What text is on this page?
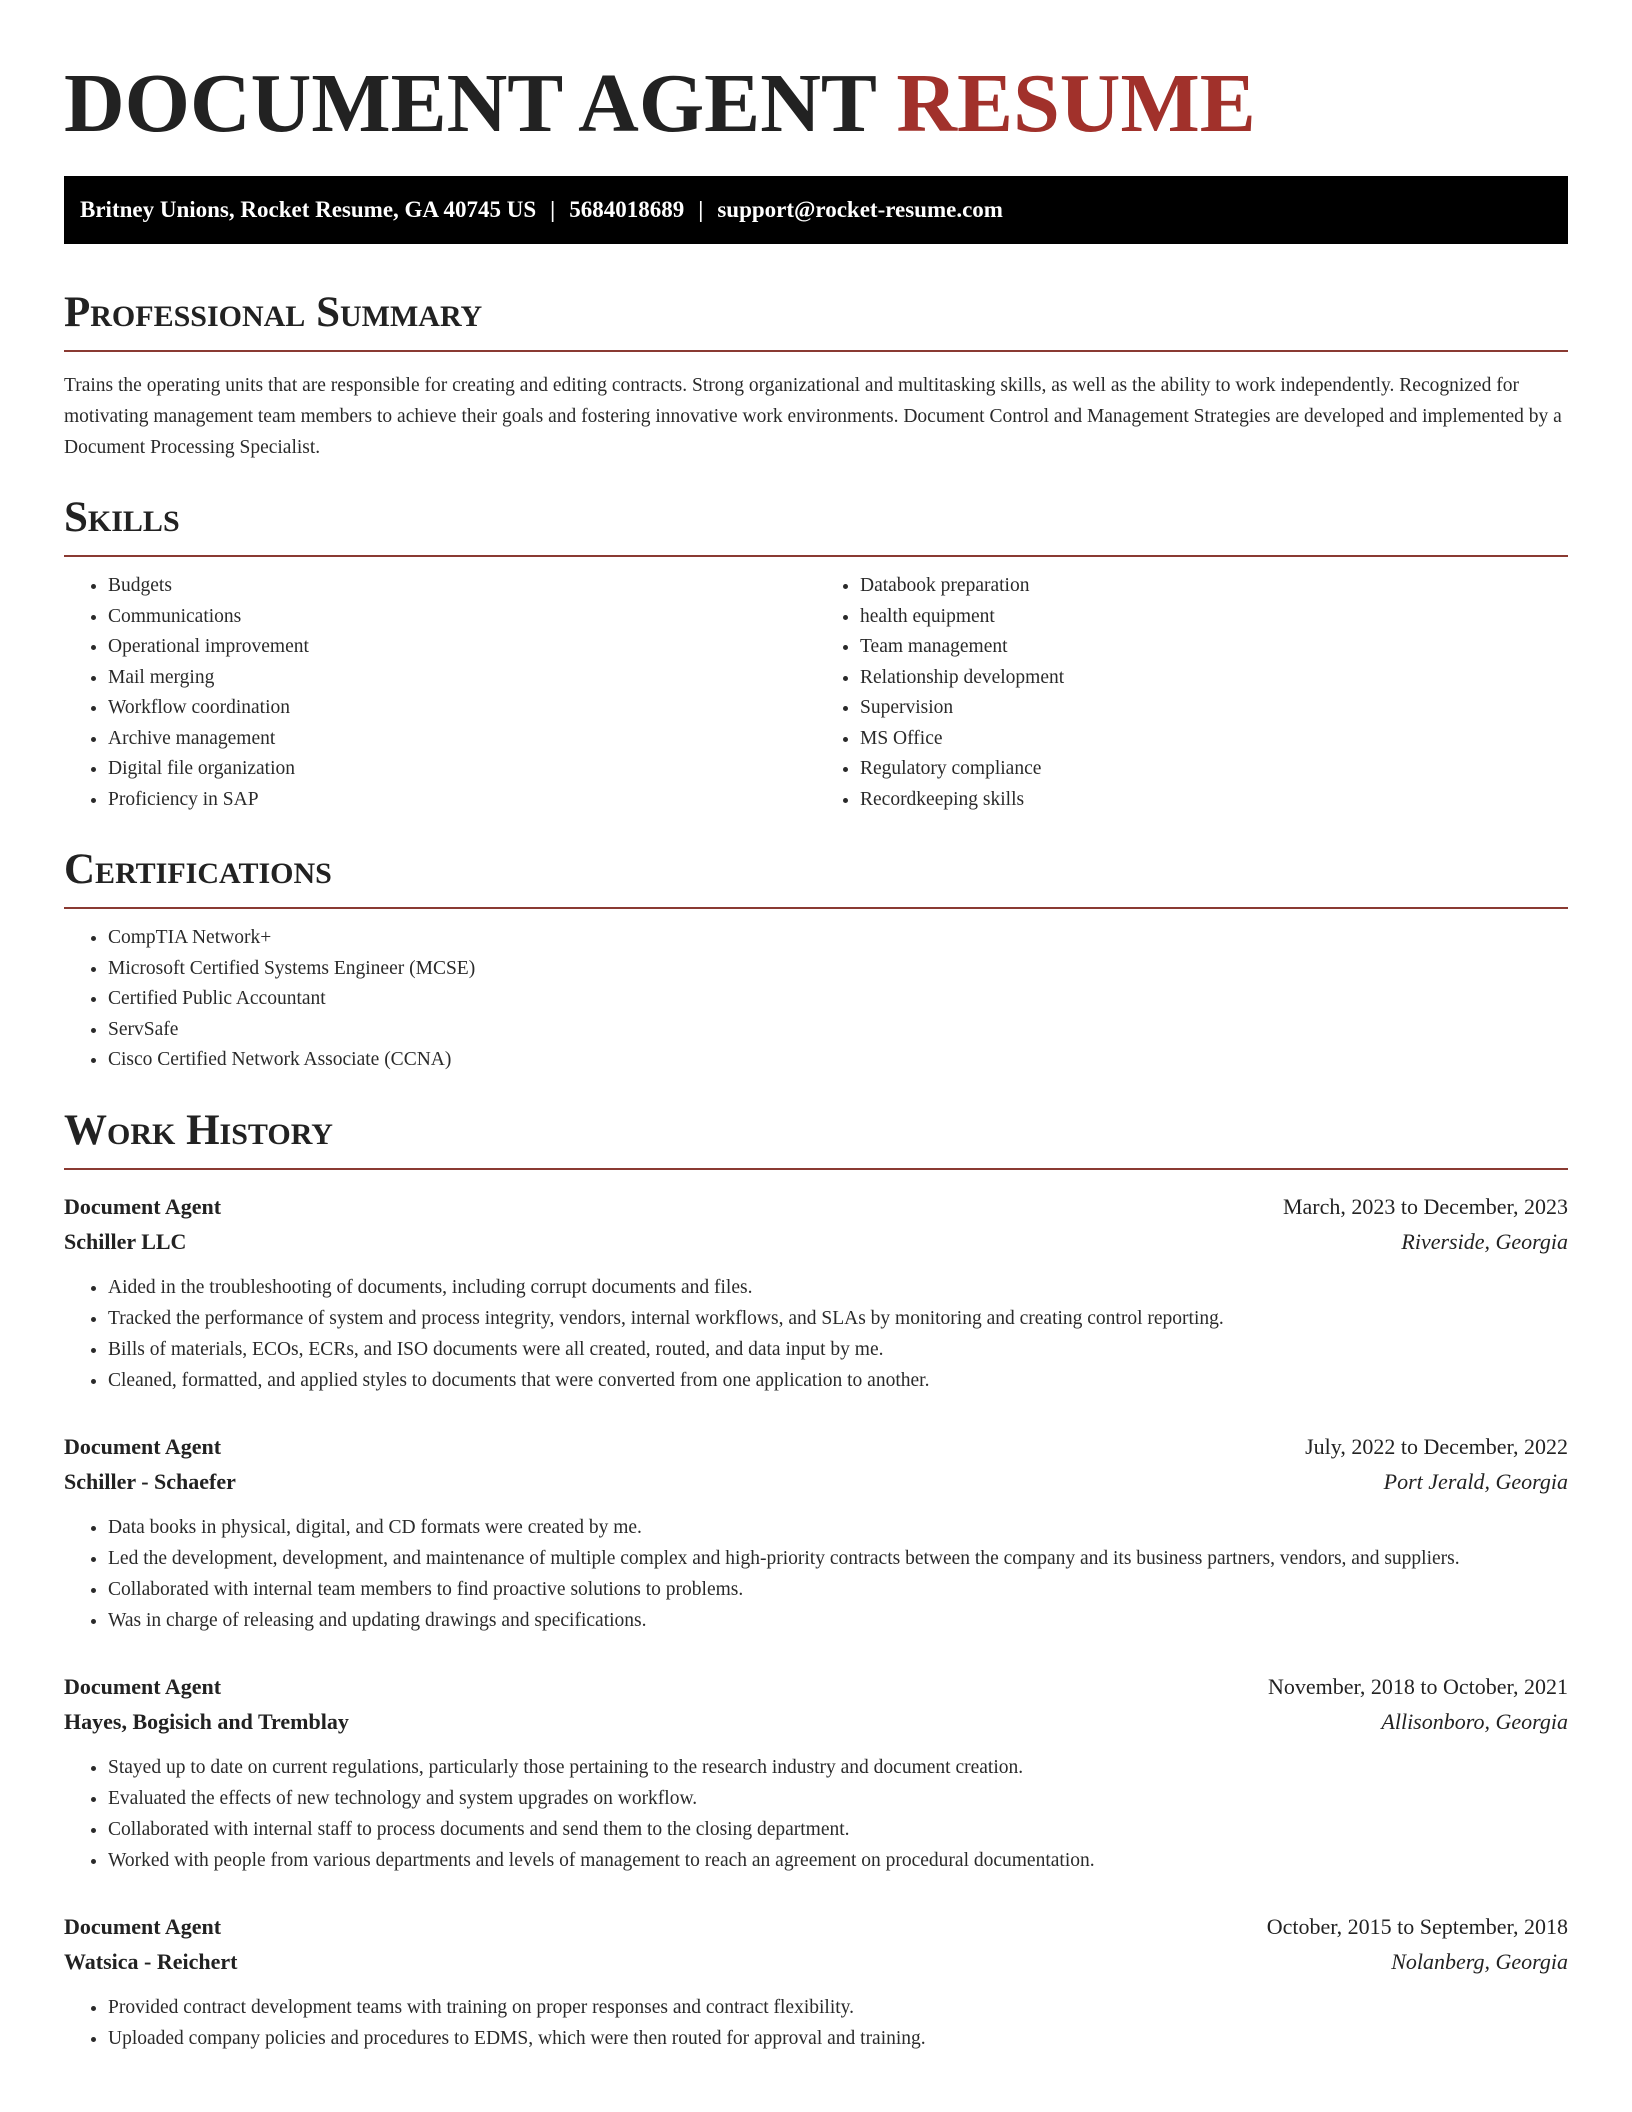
DOCUMENT AGENT RESUME
Britney Unions, Rocket Resume, GA 40745 US | 5684018689 | support@rocket-resume.com
Professional Summary

Trains the operating units that are responsible for creating and editing contracts. Strong organizational and multitasking skills, as well as the ability to work independently. Recognized for motivating management team members to achieve their goals and fostering innovative work environments. Document Control and Management Strategies are developed and implemented by a Document Processing Specialist.

Skills
• Budgets
• Communications
• Operational improvement
• Mail merging
• Workflow coordination
• Archive management
• Digital file organization
• Proficiency in SAP
• Databook preparation
• health equipment
• Team management
• Relationship development
• Supervision
• MS Office
• Regulatory compliance
• Recordkeeping skills
Certifications
• CompTIA Network+
• Microsoft Certified Systems Engineer (MCSE)
• Certified Public Accountant
• ServSafe
• Cisco Certified Network Associate (CCNA)
Work History
Document Agent	March, 2023 to December, 2023
Schiller LLC	Riverside, Georgia
• Aided in the troubleshooting of documents, including corrupt documents and files.
• Tracked the performance of system and process integrity, vendors, internal workflows, and SLAs by monitoring and creating control reporting.
• Bills of materials, ECOs, ECRs, and ISO documents were all created, routed, and data input by me.
• Cleaned, formatted, and applied styles to documents that were converted from one application to another.
Document Agent	July, 2022 to December, 2022
Schiller - Schaefer	Port Jerald, Georgia
• Data books in physical, digital, and CD formats were created by me.
• Led the development, development, and maintenance of multiple complex and high-priority contracts between the company and its business partners, vendors, and suppliers.
• Collaborated with internal team members to find proactive solutions to problems.
• Was in charge of releasing and updating drawings and specifications.
Document Agent	November, 2018 to October, 2021
Hayes, Bogisich and Tremblay	Allisonboro, Georgia
• Stayed up to date on current regulations, particularly those pertaining to the research industry and document creation.
• Evaluated the effects of new technology and system upgrades on workflow.
• Collaborated with internal staff to process documents and send them to the closing department.
• Worked with people from various departments and levels of management to reach an agreement on procedural documentation.
Document Agent	October, 2015 to September, 2018
Watsica - Reichert	Nolanberg, Georgia
• Provided contract development teams with training on proper responses and contract flexibility.
• Uploaded company policies and procedures to EDMS, which were then routed for approval and training.
